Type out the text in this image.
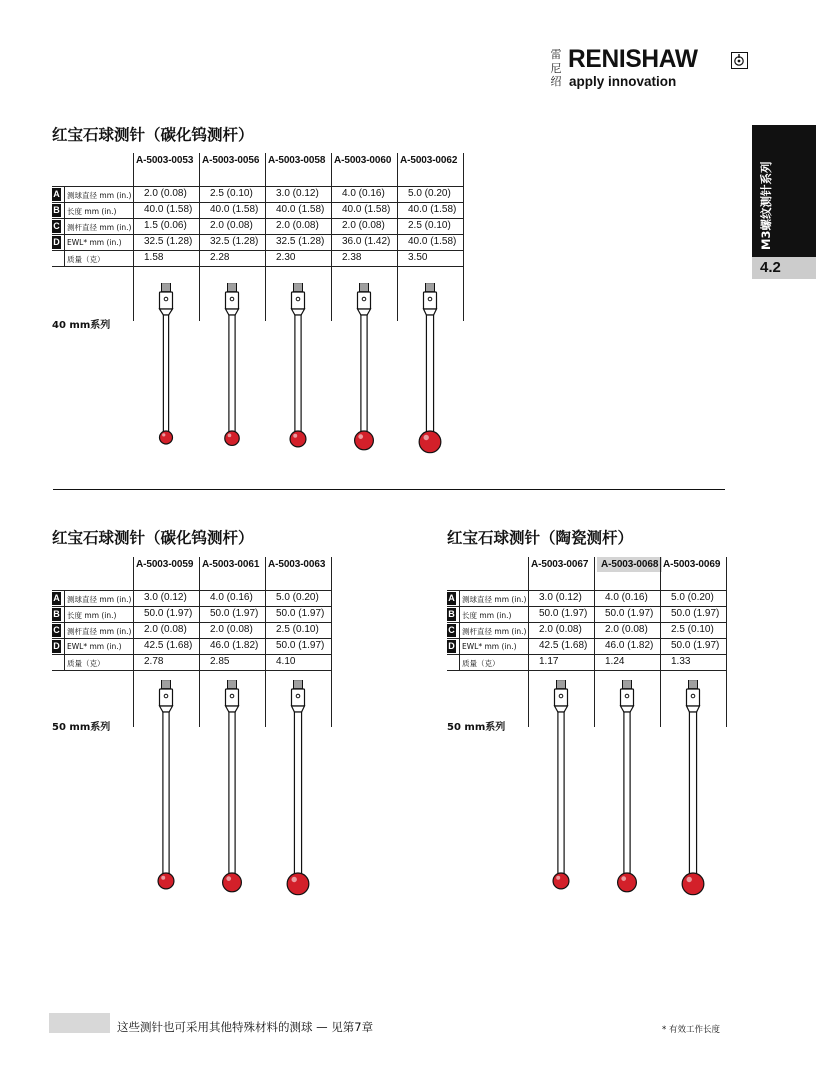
雷
尼
绍
RENISHAW
apply innovation
M3螺纹测针系列
4.2
红宝石球测针（碳化钨测杆）
红宝石球测针（碳化钨测杆）	红宝石球测针（陶瓷测杆）
A-5003-0053 A-5003-0056 A-5003-0058 A-5003-0060 A-5003-0062
A 测球直径 mm (in.) 2.0 (0.08) 2.5 (0.10) 3.0 (0.12) 4.0 (0.16) 5.0 (0.20)
B 长度 mm (in.)	40.0 (1.58) 40.0 (1.58) 40.0 (1.58) 40.0 (1.58) 40.0 (1.58)
C 测杆直径 mm (in.) 1.5 (0.06) 2.0 (0.08) 2.0 (0.08) 2.0 (0.08) 2.5 (0.10)
D EWL* mm (in.) 32.5 (1.28) 32.5 (1.28) 32.5 (1.28) 36.0 (1.42) 40.0 (1.58)
质量（克）	1.58	2.28	2.30	2.38	3.50
40 mm系列
A-5003-0059 A-5003-0061 A-5003-0063
A 测球直径 mm (in.) 3.0 (0.12) 4.0 (0.16) 5.0 (0.20)
B 长度 mm (in.)	50.0 (1.97) 50.0 (1.97) 50.0 (1.97)
C 测杆直径 mm (in.) 2.0 (0.08) 2.0 (0.08) 2.5 (0.10)
D EWL* mm (in.) 42.5 (1.68) 46.0 (1.82) 50.0 (1.97)
质量（克）	2.78	2.85	4.10
50 mm系列
A-5003-0067	A-5003-0068 A-5003-0069
A 测球直径 mm (in.) 3.0 (0.12) 4.0 (0.16) 5.0 (0.20)
B 长度 mm (in.)	50.0 (1.97) 50.0 (1.97) 50.0 (1.97)
C 测杆直径 mm (in.) 2.0 (0.08) 2.0 (0.08) 2.5 (0.10)
D EWL* mm (in.) 42.5 (1.68) 46.0 (1.82) 50.0 (1.97)
质量（克）	1.17	1.24	1.33
50 mm系列
这些测针也可采用其他特殊材料的测球 — 见第7章	* 有效工作长度
